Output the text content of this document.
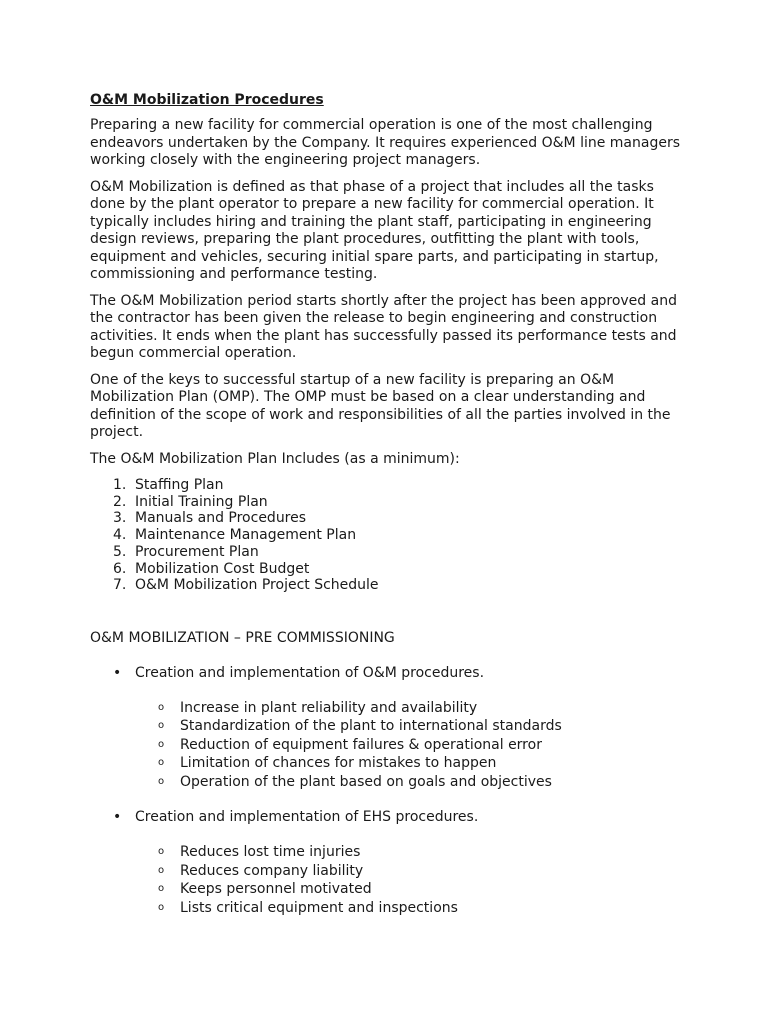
O&M Mobilization Procedures

Preparing a new facility for commercial operation is one of the most challenging endeavors undertaken by the Company. It requires experienced O&M line managers working closely with the engineering project managers.

O&M Mobilization is defined as that phase of a project that includes all the tasks done by the plant operator to prepare a new facility for commercial operation. It typically includes hiring and training the plant staff, participating in engineering design reviews, preparing the plant procedures, outfitting the plant with tools, equipment and vehicles, securing initial spare parts, and participating in startup, commissioning and performance testing.

The O&M Mobilization period starts shortly after the project has been approved and the contractor has been given the release to begin engineering and construction activities. It ends when the plant has successfully passed its performance tests and begun commercial operation.

One of the keys to successful startup of a new facility is preparing an O&M Mobilization Plan (OMP). The OMP must be based on a clear understanding and definition of the scope of work and responsibilities of all the parties involved in the project.

The O&M Mobilization Plan Includes (as a minimum):

1. Staffing Plan
2. Initial Training Plan
3. Manuals and Procedures
4. Maintenance Management Plan
5. Procurement Plan
6. Mobilization Cost Budget
7. O&M Mobilization Project Schedule
O&M MOBILIZATION – PRE COMMISSIONING
• Creation and implementation of O&M procedures.
o Increase in plant reliability and availability
o Standardization of the plant to international standards
o Reduction of equipment failures & operational error
o Limitation of chances for mistakes to happen
o Operation of the plant based on goals and objectives
• Creation and implementation of EHS procedures.
o Reduces lost time injuries
o Reduces company liability
o Keeps personnel motivated
o Lists critical equipment and inspections
